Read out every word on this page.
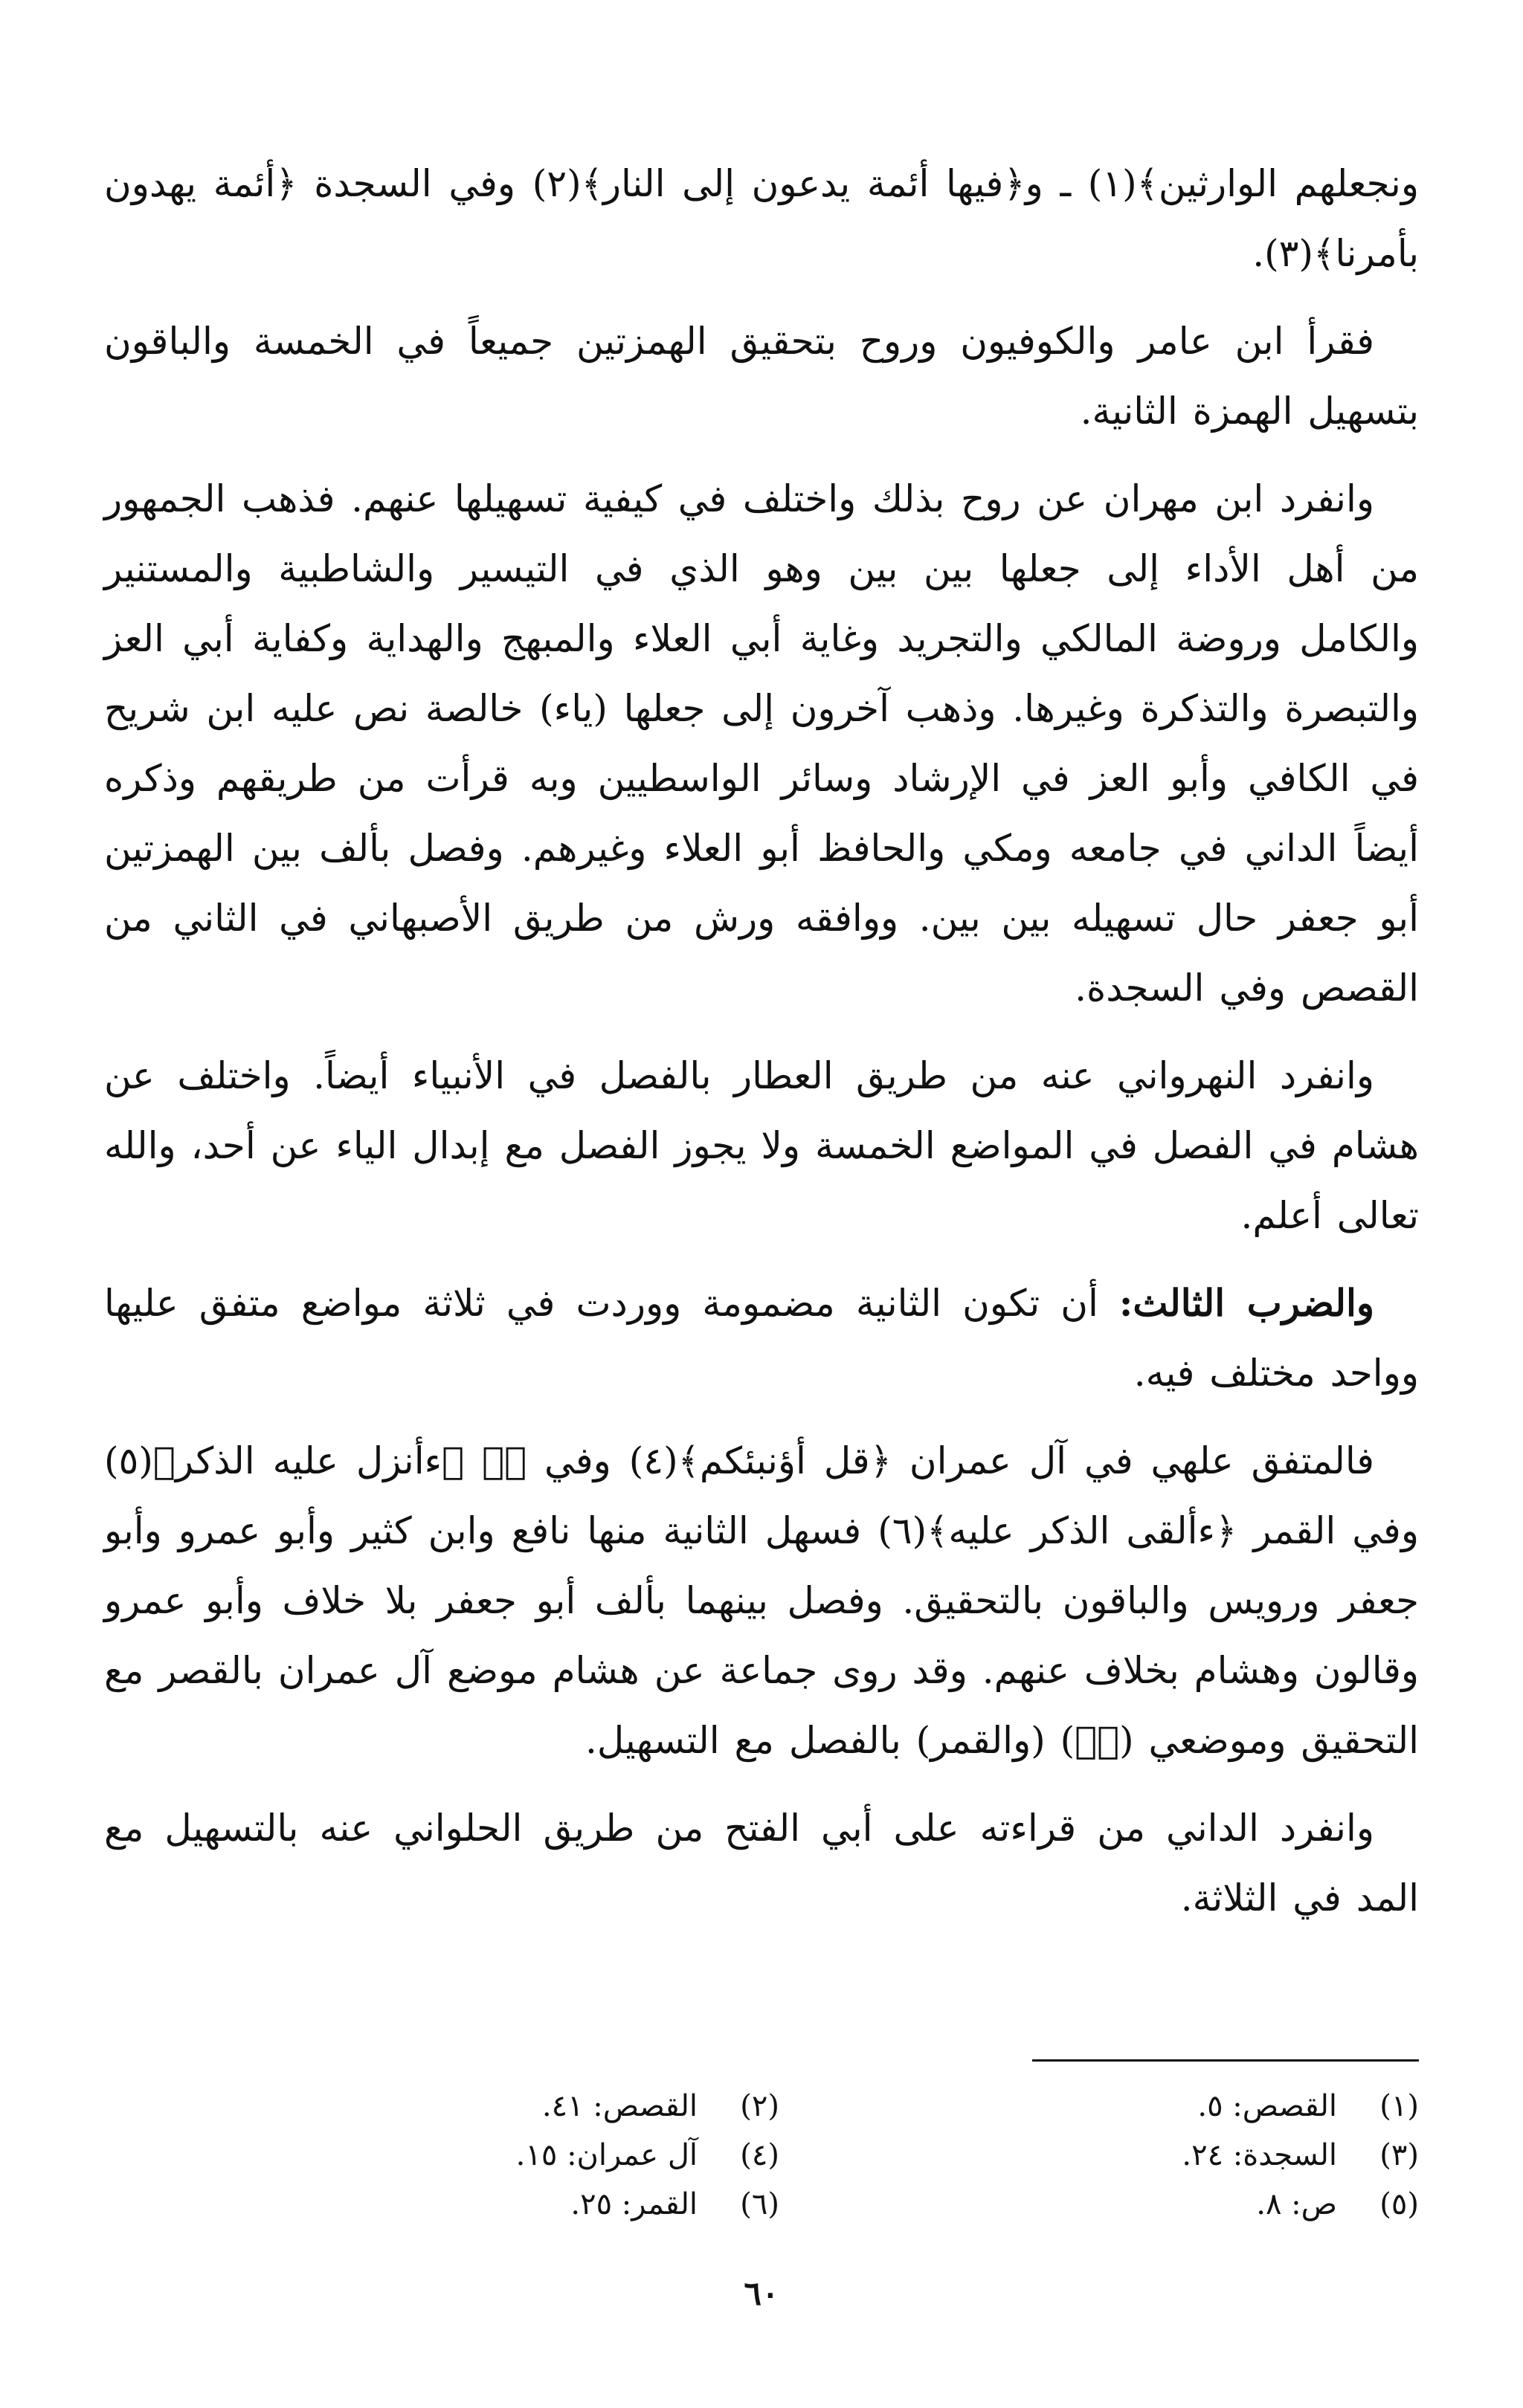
ونجعلهم الوارثين﴾(١) ـ و﴿فيها أئمة يدعون إلى النار﴾(٢) وفي السجدة ﴿أئمة يهدون بأمرنا﴾(٣).

فقرأ ابن عامر والكوفيون وروح بتحقيق الهمزتين جميعاً في الخمسة والباقون بتسهيل الهمزة الثانية.

وانفرد ابن مهران عن روح بذلك واختلف في كيفية تسهيلها عنهم. فذهب الجمهور من أهل الأداء إلى جعلها بين بين وهو الذي في التيسير والشاطبية والمستنير والكامل وروضة المالكي والتجريد وغاية أبي العلاء والمبهج والهداية وكفاية أبي العز والتبصرة والتذكرة وغيرها. وذهب آخرون إلى جعلها (ياء) خالصة نص عليه ابن شريح في الكافي وأبو العز في الإرشاد وسائر الواسطيين وبه قرأت من طريقهم وذكره أيضاً الداني في جامعه ومكي والحافظ أبو العلاء وغيرهم. وفصل بألف بين الهمزتين أبو جعفر حال تسهيله بين بين. ووافقه ورش من طريق الأصبهاني في الثاني من القصص وفي السجدة.

وانفرد النهرواني عنه من طريق العطار بالفصل في الأنبياء أيضاً. واختلف عن هشام في الفصل في المواضع الخمسة ولا يجوز الفصل مع إبدال الياء عن أحد، والله تعالى أعلم.

والضرب الثالث: أن تكون الثانية مضمومة ووردت في ثلاثة مواضع متفق عليها وواحد مختلف فيه.

فالمتفق علهي في آل عمران ﴿قل أؤنبئكم﴾(٤) وفي صۤ ﴿ءأنزل عليه الذكر﴾(٥) وفي القمر ﴿ءألقى الذكر عليه﴾(٦) فسهل الثانية منها نافع وابن كثير وأبو عمرو وأبو جعفر ورويس والباقون بالتحقيق. وفصل بينهما بألف أبو جعفر بلا خلاف وأبو عمرو وقالون وهشام بخلاف عنهم. وقد روى جماعة عن هشام موضع آل عمران بالقصر مع التحقيق وموضعي (صۤ) (والقمر) بالفصل مع التسهيل.

وانفرد الداني من قراءته على أبي الفتح من طريق الحلواني عنه بالتسهيل مع المد في الثلاثة.

(١)
القصص: ٥.
(٢)
القصص: ٤١.
(٣)
السجدة: ٢٤.
(٤)
آل عمران: ١٥.
(٥)
ص: ٨.
(٦)
القمر: ٢٥.
٦٠
